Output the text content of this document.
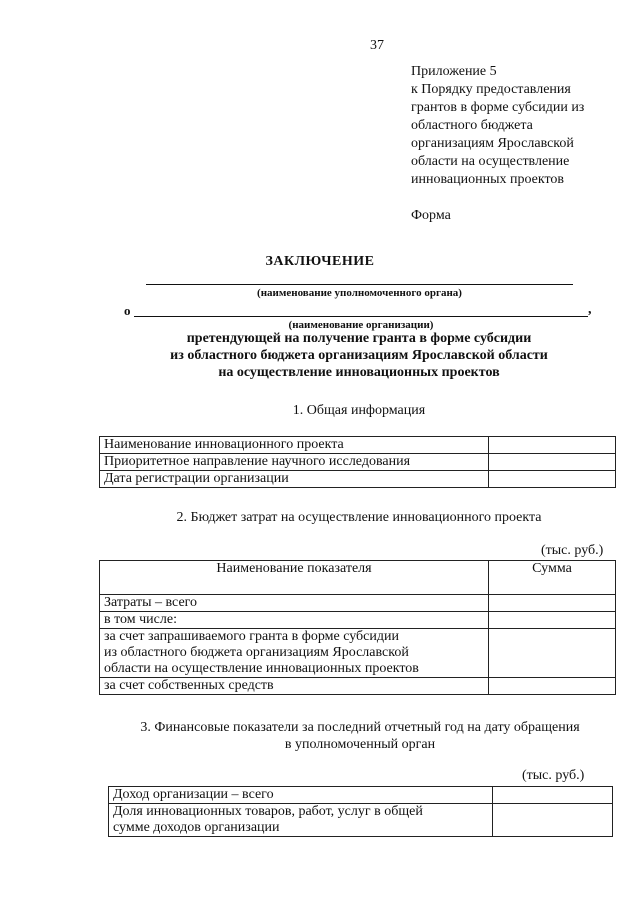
37
Приложение 5
к Порядку предоставления
грантов в форме субсидии из
областного бюджета
организациям Ярославской
области на осуществление
инновационных проектов
Форма
ЗАКЛЮЧЕНИЕ
(наименование уполномоченного органа)
о	,
(наименование организации)
претендующей на получение гранта в форме субсидии
из областного бюджета организациям Ярославской области
на осуществление инновационных проектов
1. Общая информация
Наименование инновационного проекта	
Приоритетное направление научного исследования	
Дата регистрации организации	
2. Бюджет затрат на осуществление инновационного проекта
(тыс. руб.)
Наименование показателя	Сумма
Затраты – всего	
в том числе:	

за счет запрашиваемого гранта в форме субсидии
из областного бюджета организациям Ярославской
области на осуществление инновационных проектов	

за счет собственных средств	
3. Финансовые показатели за последний отчетный год на дату обращения
в уполномоченный орган
(тыс. руб.)
Доход организации – всего	

Доля инновационных товаров, работ, услуг в общей
сумме доходов организации	
